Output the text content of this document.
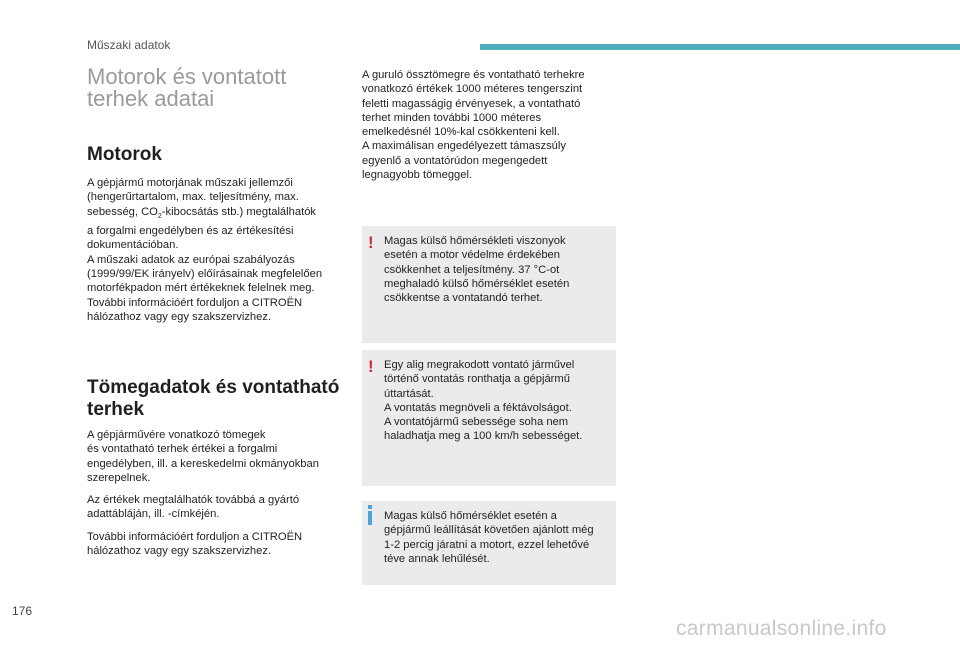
Műszaki adatok
Motorok és vontatott
terhek adatai
Motorok

A gépjármű motorjának műszaki jellemzői
(hengerűrtartalom, max. teljesítmény, max.
sebesség, $CO_2$-kibocsátás stb.) megtalálhatók
a forgalmi engedélyben és az értékesítési
dokumentációban.
A műszaki adatok az európai szabályozás
(1999/99/EK irányelv) előírásainak megfelelően
motorfékpadon mért értékeknek felelnek meg.
További információért forduljon a CITROËN
hálózathoz vagy egy szakszervizhez.

Tömegadatok és vontatható
terhek

A gépjárművére vonatkozó tömegek
és vontatható terhek értékei a forgalmi
engedélyben, ill. a kereskedelmi okmányokban
szerepelnek.

Az értékek megtalálhatók továbbá a gyártó
adattábláján, ill. -címkéjén.

További információért forduljon a CITROËN
hálózathoz vagy egy szakszervizhez.

A guruló össztömegre és vontatható terhekre
vonatkozó értékek 1000 méteres tengerszint
feletti magasságig érvényesek, a vontatható
terhet minden további 1000 méteres
emelkedésnél 10%-kal csökkenteni kell.
A maximálisan engedélyezett támaszsúly
egyenlő a vontatórúdon megengedett
legnagyobb tömeggel.

! Magas külső hőmérsékleti viszonyok
esetén a motor védelme érdekében
csökkenhet a teljesítmény. 37 °C-ot
meghaladó külső hőmérséklet esetén
csökkentse a vontatandó terhet.

! Egy alig megrakodott vontató járművel
történő vontatás ronthatja a gépjármű
úttartását.
A vontatás megnöveli a féktávolságot.
A vontatójármű sebessége soha nem
haladhatja meg a 100 km/h sebességet.

Magas külső hőmérséklet esetén a
gépjármű leállítását követően ajánlott még
1-2 percig járatni a motort, ezzel lehetővé
téve annak lehűlését.

176
carmanualsonline.info
